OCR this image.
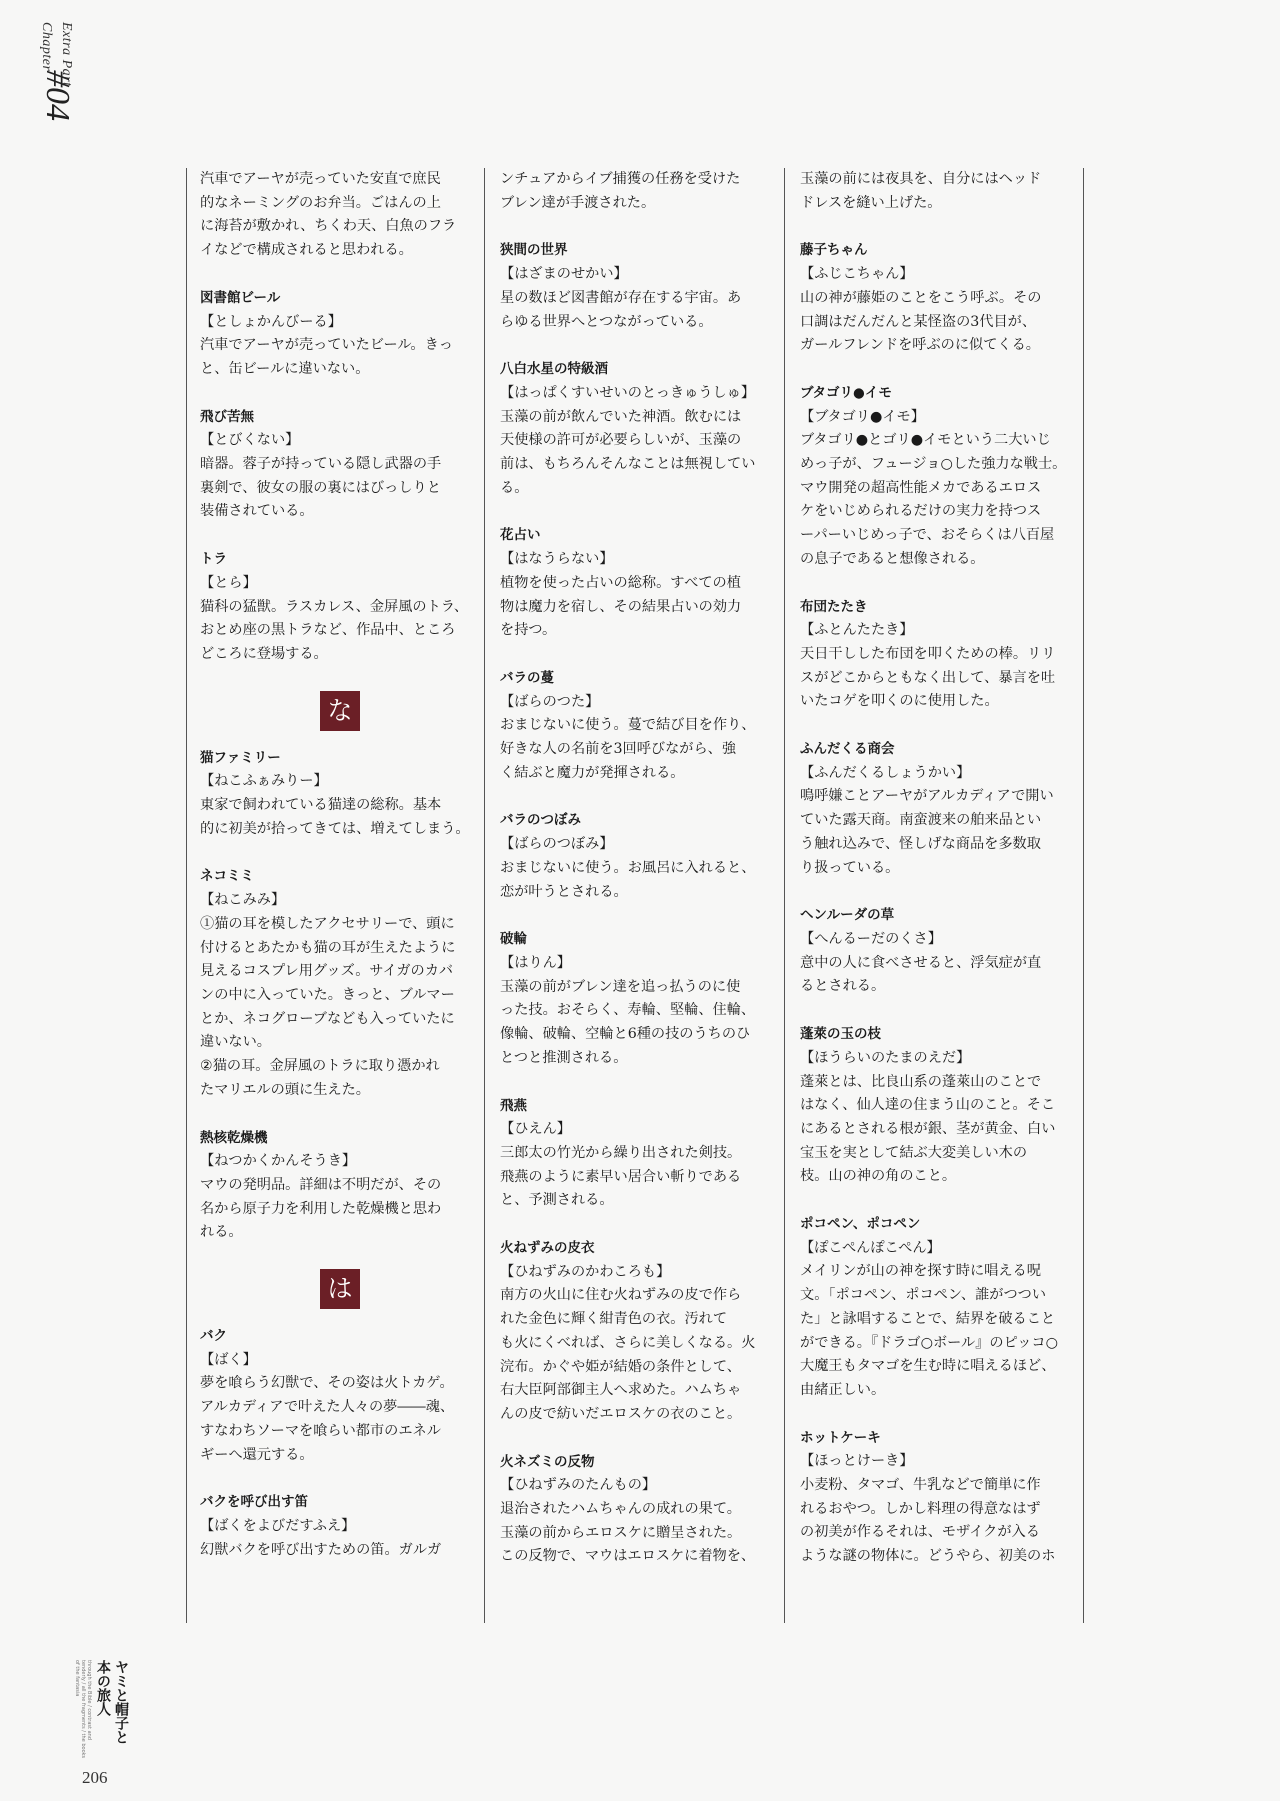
Chapter Extra Part
#04
汽車でアーヤが売っていた安直で庶民
的なネーミングのお弁当。ごはんの上
に海苔が敷かれ、ちくわ天、白魚のフラ
イなどで構成されると思われる。
図書館ビール
【としょかんびーる】
汽車でアーヤが売っていたビール。きっ
と、缶ビールに違いない。
飛び苦無
【とびくない】
暗器。蓉子が持っている隠し武器の手
裏剣で、彼女の服の裏にはびっしりと
装備されている。
トラ
【とら】
猫科の猛獣。ラスカレス、金屏風のトラ、
おとめ座の黒トラなど、作品中、ところ
どころに登場する。
な
猫ファミリー
【ねこふぁみりー】
東家で飼われている猫達の総称。基本
的に初美が拾ってきては、増えてしまう。
ネコミミ
【ねこみみ】
①猫の耳を模したアクセサリーで、頭に
付けるとあたかも猫の耳が生えたように
見えるコスプレ用グッズ。サイガのカバ
ンの中に入っていた。きっと、ブルマー
とか、ネコグローブなども入っていたに
違いない。
②猫の耳。金屏風のトラに取り憑かれ
たマリエルの頭に生えた。
熱核乾燥機
【ねつかくかんそうき】
マウの発明品。詳細は不明だが、その
名から原子力を利用した乾燥機と思わ
れる。
は
バク
【ばく】
夢を喰らう幻獣で、その姿は火トカゲ。
アルカディアで叶えた人々の夢――魂、
すなわちソーマを喰らい都市のエネル
ギーへ還元する。
バクを呼び出す笛
【ばくをよびだすふえ】
幻獣バクを呼び出すための笛。ガルガ
ンチュアからイブ捕獲の任務を受けた
ブレン達が手渡された。
狭間の世界
【はざまのせかい】
星の数ほど図書館が存在する宇宙。あ
らゆる世界へとつながっている。
八白水星の特級酒
【はっぱくすいせいのとっきゅうしゅ】
玉藻の前が飲んでいた神酒。飲むには
天使様の許可が必要らしいが、玉藻の
前は、もちろんそんなことは無視してい
る。
花占い
【はなうらない】
植物を使った占いの総称。すべての植
物は魔力を宿し、その結果占いの効力
を持つ。
バラの蔓
【ばらのつた】
おまじないに使う。蔓で結び目を作り、
好きな人の名前を3回呼びながら、強
く結ぶと魔力が発揮される。
バラのつぼみ
【ばらのつぼみ】
おまじないに使う。お風呂に入れると、
恋が叶うとされる。
破輪
【はりん】
玉藻の前がブレン達を追っ払うのに使
った技。おそらく、寿輪、堅輪、住輪、
像輪、破輪、空輪と6種の技のうちのひ
とつと推測される。
飛燕
【ひえん】
三郎太の竹光から繰り出された剣技。
飛燕のように素早い居合い斬りである
と、予測される。
火ねずみの皮衣
【ひねずみのかわころも】
南方の火山に住む火ねずみの皮で作ら
れた金色に輝く紺青色の衣。汚れて
も火にくべれば、さらに美しくなる。火
浣布。かぐや姫が結婚の条件として、
右大臣阿部御主人へ求めた。ハムちゃ
んの皮で紡いだエロスケの衣のこと。
火ネズミの反物
【ひねずみのたんもの】
退治されたハムちゃんの成れの果て。
玉藻の前からエロスケに贈呈された。
この反物で、マウはエロスケに着物を、
玉藻の前には夜具を、自分にはヘッド
ドレスを縫い上げた。
藤子ちゃん
【ふじこちゃん】
山の神が藤姫のことをこう呼ぶ。その
口調はだんだんと某怪盗の3代目が、
ガールフレンドを呼ぶのに似てくる。
ブタゴリ●イモ
【ブタゴリ●イモ】
ブタゴリ●とゴリ●イモという二大いじ
めっ子が、フュージョ○した強力な戦士。
マウ開発の超高性能メカであるエロス
ケをいじめられるだけの実力を持つス
ーパーいじめっ子で、おそらくは八百屋
の息子であると想像される。
布団たたき
【ふとんたたき】
天日干しした布団を叩くための棒。リリ
スがどこからともなく出して、暴言を吐
いたコゲを叩くのに使用した。
ふんだくる商会
【ふんだくるしょうかい】
鳴呼嫌ことアーヤがアルカディアで開い
ていた露天商。南蛮渡来の舶来品とい
う触れ込みで、怪しげな商品を多数取
り扱っている。
ヘンルーダの草
【へんるーだのくさ】
意中の人に食べさせると、浮気症が直
るとされる。
蓬萊の玉の枝
【ほうらいのたまのえだ】
蓬萊とは、比良山系の蓬萊山のことで
はなく、仙人達の住まう山のこと。そこ
にあるとされる根が銀、茎が黄金、白い
宝玉を実として結ぶ大変美しい木の
枝。山の神の角のこと。
ポコペン、ポコペン
【ぽこぺんぽこぺん】
メイリンが山の神を探す時に唱える呪
文。「ポコペン、ポコペン、誰がつつい
た」と詠唱することで、結界を破ること
ができる。『ドラゴ○ボール』のピッコ○
大魔王もタマゴを生む時に唱えるほど、
由緒正しい。
ホットケーキ
【ほっとけーき】
小麦粉、タマゴ、牛乳などで簡単に作
れるおやつ。しかし料理の得意なはず
の初美が作るそれは、モザイクが入る
ような謎の物体に。どうやら、初美のホ
through the Bible / contrast and tenderly / all the fragments / the books of the fantasia	ヤミと帽子と
本の旅人
206
